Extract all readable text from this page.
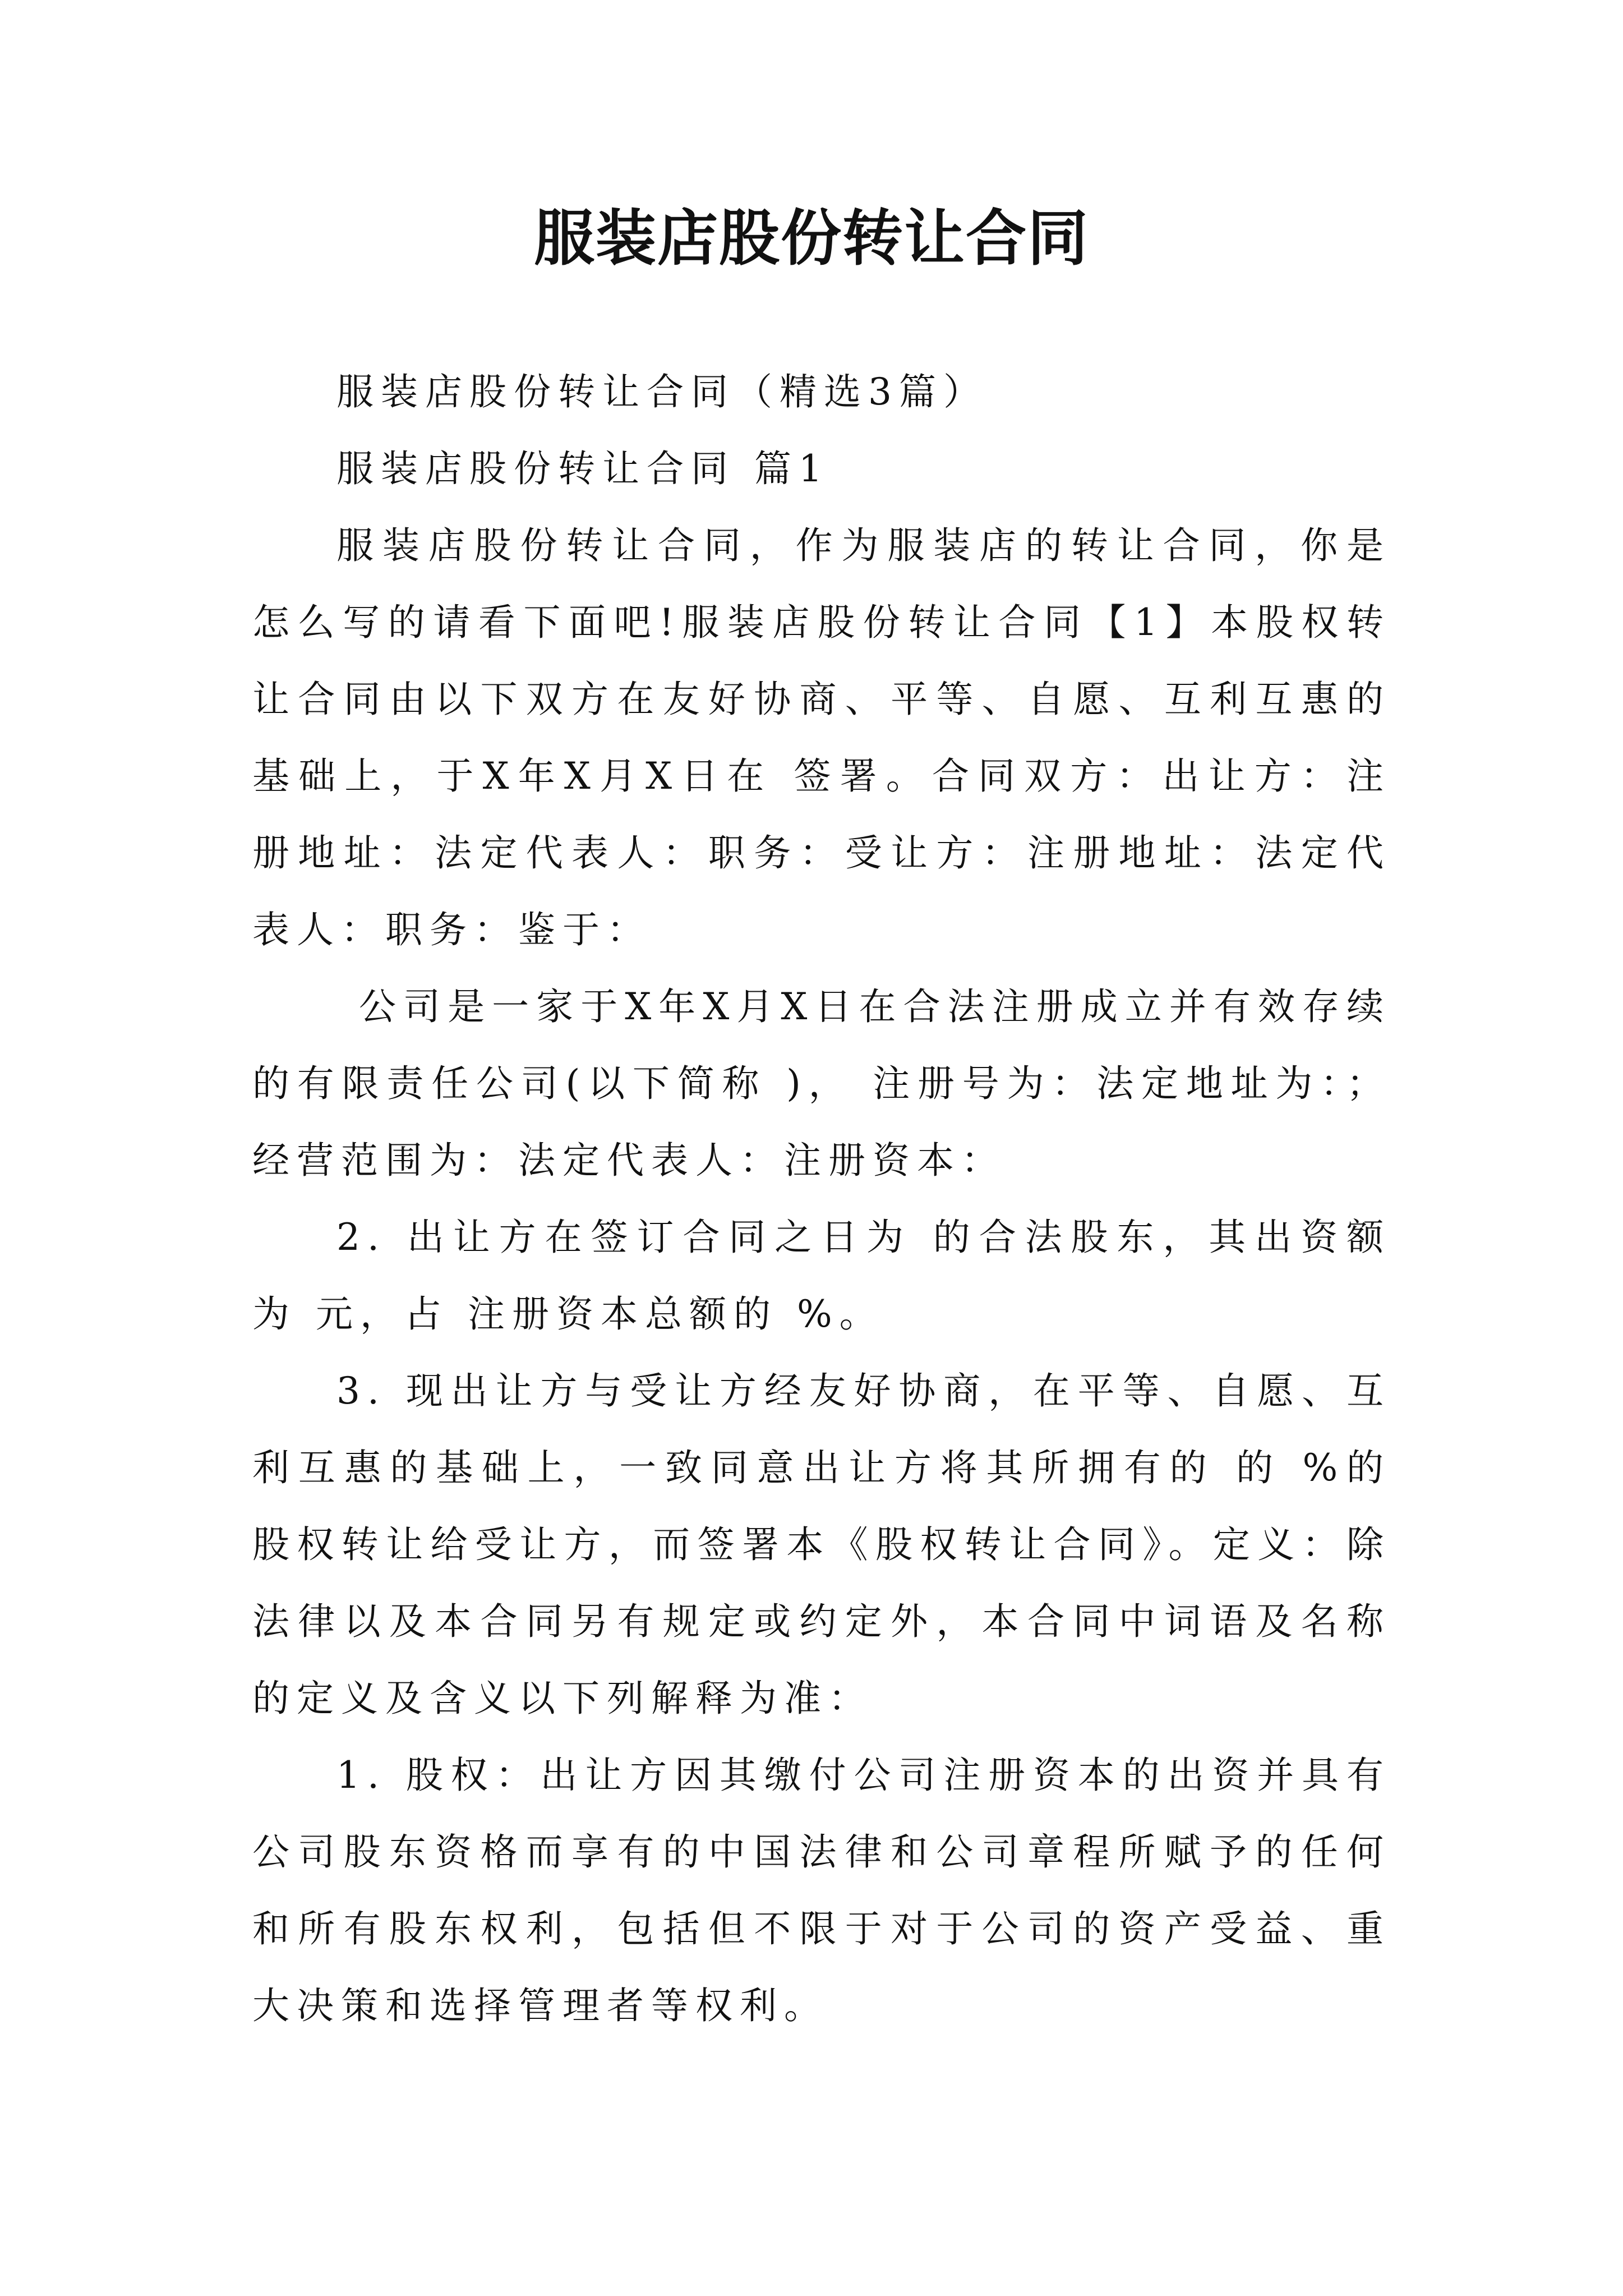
服装店股份转让合同

服装店股份转让合同（精选3篇）

服装店股份转让合同 篇1

服装店股份转让合同，作为服装店的转让合同，你是怎么写的请看下面吧!服装店股份转让合同【1】本股权转让合同由以下双方在友好协商、平等、自愿、互利互惠的基础上，于X年X月X日在 签署。合同双方：出让方：注册地址：法定代表人：职务：受让方：注册地址：法定代表人：职务：鉴于：

公司是一家于X年X月X日在合法注册成立并有效存续的有限责任公司(以下简称 )， 注册号为：法定地址为：；经营范围为：法定代表人：注册资本：

2. 出让方在签订合同之日为 的合法股东，其出资额为 元，占 注册资本总额的 %。

3. 现出让方与受让方经友好协商，在平等、自愿、互利互惠的基础上，一致同意出让方将其所拥有的 的 %的股权转让给受让方，而签署本《股权转让合同》。定义：除法律以及本合同另有规定或约定外，本合同中词语及名称的定义及含义以下列解释为准：

1. 股权：出让方因其缴付公司注册资本的出资并具有公司股东资格而享有的中国法律和公司章程所赋予的任何和所有股东权利，包括但不限于对于公司的资产受益、重大决策和选择管理者等权利。
